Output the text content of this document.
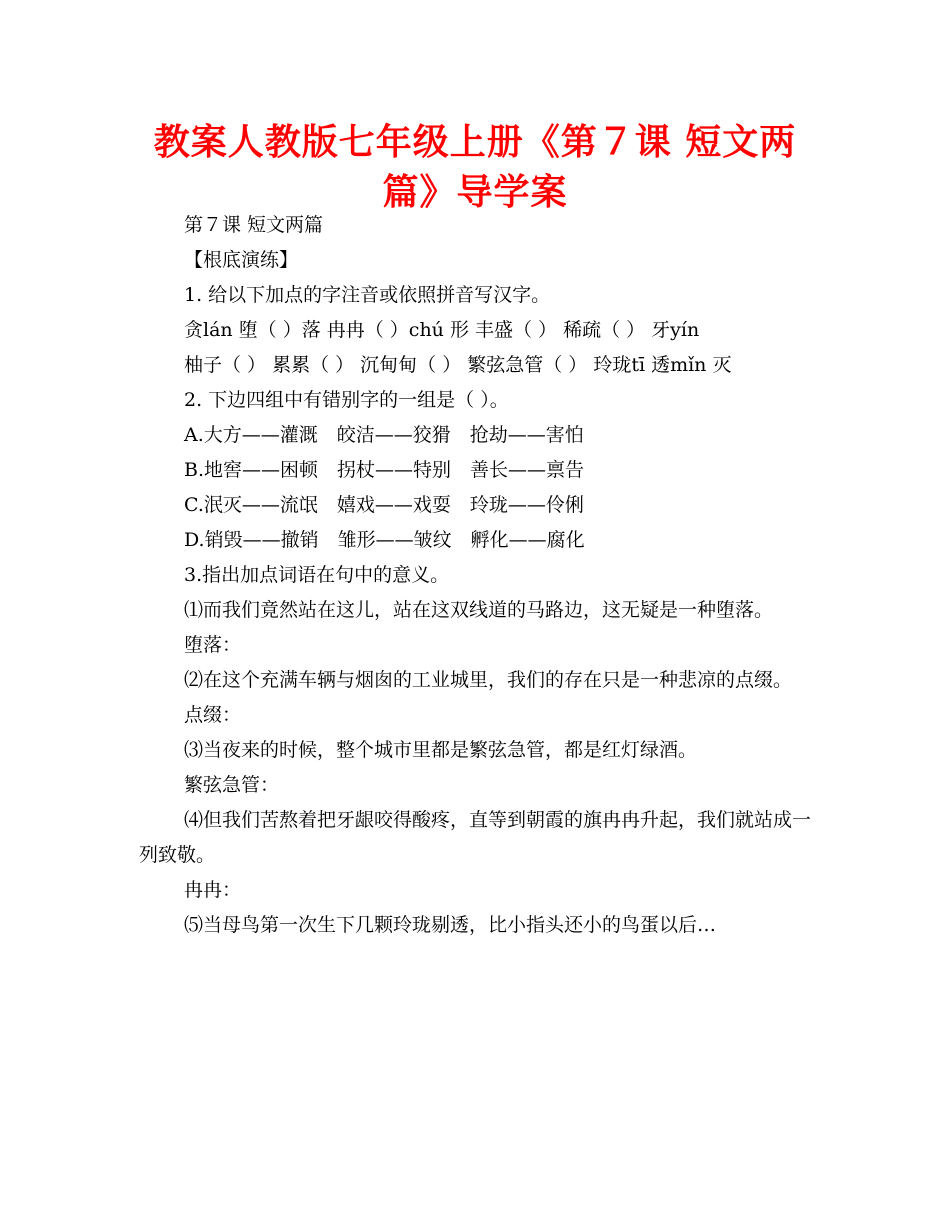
教案人教版七年级上册《第７课 短文两
篇》导学案

第７课 短文两篇

【根底演练】

1. 给以下加点的字注音或依照拼音写汉字。

贪lán 堕（ ）落 冉冉（ ）chú 形 丰盛（ ） 稀疏（ ） 牙yín

柚子（ ） 累累（ ） 沉甸甸（ ） 繁弦急管（ ） 玲珑tī 透mǐn 灭

2. 下边四组中有错别字的一组是（ ）。

A.大方——灌溉　皎洁——狡猾　抢劫——害怕

B.地窖——困顿　拐杖——特别　善长——禀告

C.泯灭——流氓　嬉戏——戏耍　玲珑——伶俐

D.销毁——撤销　雏形——皱纹　孵化——腐化

3.指出加点词语在句中的意义。

⑴而我们竟然站在这儿，站在这双线道的马路边，这无疑是一种堕落。

堕落：

⑵在这个充满车辆与烟囱的工业城里，我们的存在只是一种悲凉的点缀。

点缀：

⑶当夜来的时候，整个城市里都是繁弦急管，都是红灯绿酒。

繁弦急管：

⑷但我们苦熬着把牙龈咬得酸疼，直等到朝霞的旗冉冉升起，我们就站成一列致敬。

冉冉：

⑸当母鸟第一次生下几颗玲珑剔透，比小指头还小的鸟蛋以后…
